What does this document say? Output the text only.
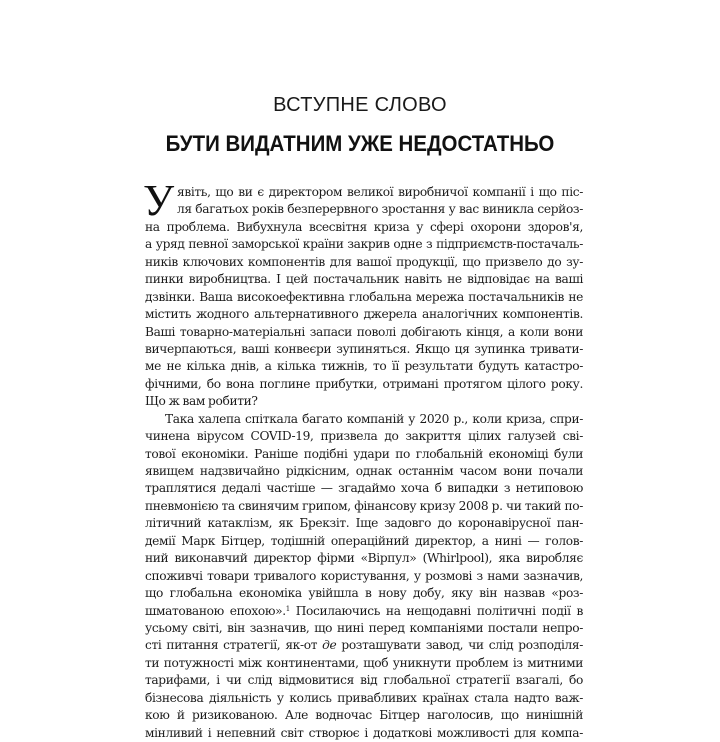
ВСТУПНЕ СЛОВО
БУТИ ВИДАТНИМ УЖЕ НЕДОСТАТНЬО
У явіть, що ви є директором великої виробничої компанії і що піс-
ля багатьох років безперервного зростання у вас виникла серйоз-
на проблема. Вибухнула всесвітня криза у сфері охорони здоров'я,
а уряд певної заморської країни закрив одне з підприємств-постачаль-
ників ключових компонентів для вашої продукції, що призвело до зу-
пинки виробництва. І цей постачальник навіть не відповідає на ваші
дзвінки. Ваша високоефективна глобальна мережа постачальників не
містить жодного альтернативного джерела аналогічних компонентів.
Ваші товарно-матеріальні запаси поволі добігають кінця, а коли вони
вичерпаються, ваші конвеєри зупиняться. Якщо ця зупинка тривати-
ме не кілька днів, а кілька тижнів, то її результати будуть катастро-
фічними, бо вона поглине прибутки, отримані протягом цілого року.
Що ж вам робити?
Така халепа спіткала багато компаній у 2020 р., коли криза, спри-
чинена вірусом COVID-19, призвела до закриття цілих галузей сві-
тової економіки. Раніше подібні удари по глобальній економіці були
явищем надзвичайно рідкісним, однак останнім часом вони почали
траплятися дедалі частіше — згадаймо хоча б випадки з нетиповою
пневмонією та свинячим грипом, фінансову кризу 2008 р. чи такий по-
літичний катаклізм, як Брекзіт. Іще задовго до коронавірусної пан-
демії Марк Бітцер, тодішній операційний директор, а нині — голов-
ний виконавчий директор фірми «Вірпул» (Whirlpool), яка виробляє
споживчі товари тривалого користування, у розмові з нами зазначив,
що глобальна економіка увійшла в нову добу, яку він назвав «роз-
шматованою епохою».$^1$ Посилаючись на нещодавні політичні події в
усьому світі, він зазначив, що нині перед компаніями постали непро-
сті питання стратегії, як-от де розташувати завод, чи слід розподіля-
ти потужності між континентами, щоб уникнути проблем із митними
тарифами, і чи слід відмовитися від глобальної стратегії взагалі, бо
бізнесова діяльність у колись привабливих країнах стала надто важ-
кою й ризикованою. Але водночас Бітцер наголосив, що нинішній
мінливий і непевний світ створює і додаткові можливості для компа-
